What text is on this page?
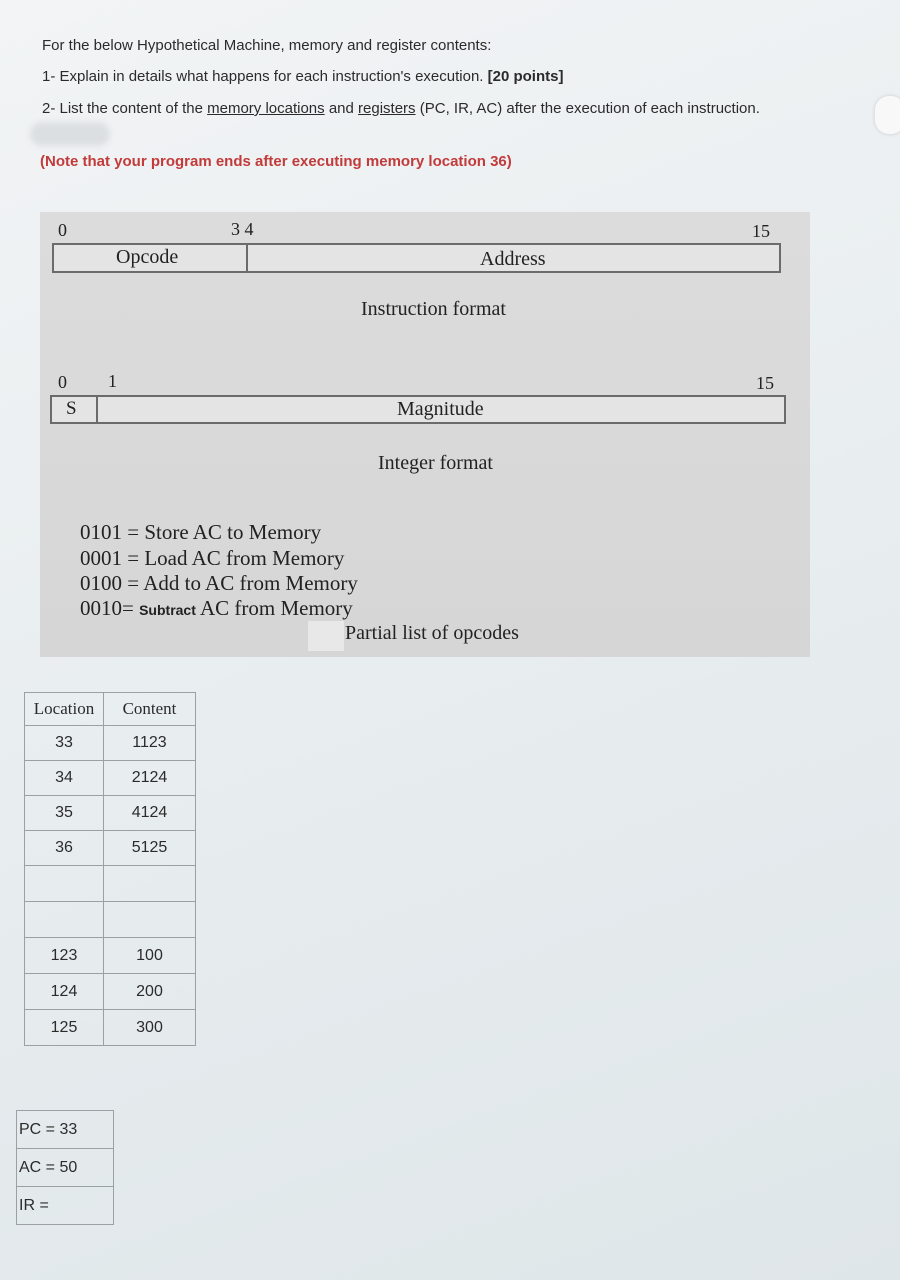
For the below Hypothetical Machine, memory and register contents:
1- Explain in details what happens for each instruction's execution. [20 points]
2- List the content of the memory locations and registers (PC, IR, AC) after the execution of each instruction.
(Note that your program ends after executing memory location 36)
0	3 4	15
Opcode	Address
Instruction format
0 1	15
S	Magnitude
Integer format
0101 = Store AC to Memory
0001 = Load AC from Memory
0100 = Add to AC from Memory
0010= Subtract AC from Memory
Partial list of opcodes
Location	Content
33	1123
34	2124
35	4124
36	5125

123	100
124	200
125	300
PC = 33
AC = 50
IR =
